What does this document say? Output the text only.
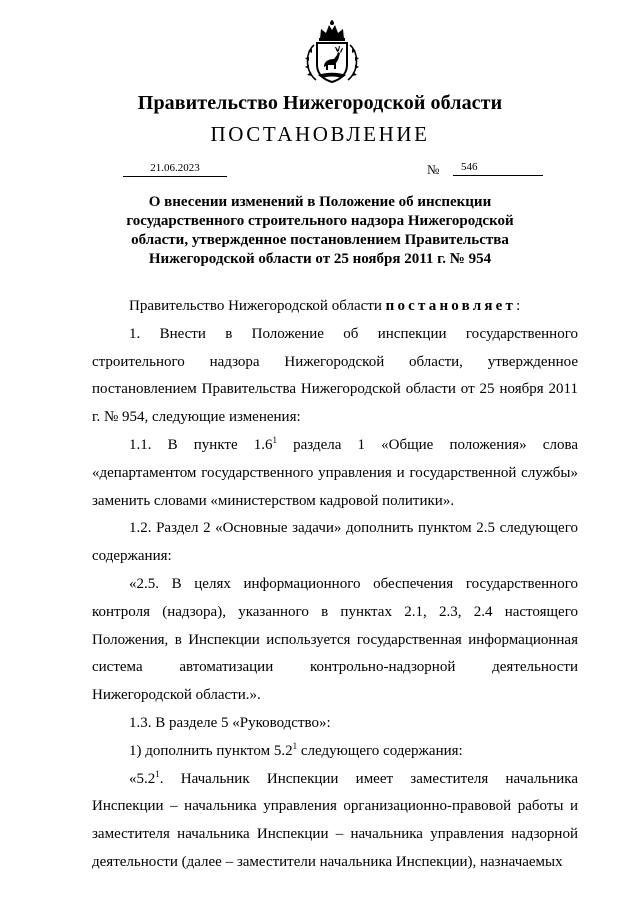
Правительство Нижегородской области
ПОСТАНОВЛЕНИЕ
21.06.2023	№	546
О внесении изменений в Положение об инспекции государственного строительного надзора Нижегородской области, утвержденное постановлением Правительства Нижегородской области от 25 ноября 2011 г. № 954

Правительство Нижегородской области постановляет:

1. Внести в Положение об инспекции государственного строительного надзора Нижегородской области, утвержденное постановлением Правительства Нижегородской области от 25 ноября 2011 г. № 954, следующие изменения:

1.1. В пункте $1.6^1$ раздела 1 «Общие положения» слова «департаментом государственного управления и государственной службы» заменить словами «министерством кадровой политики».

1.2. Раздел 2 «Основные задачи» дополнить пунктом 2.5 следующего содержания:

«2.5. В целях информационного обеспечения государственного контроля (надзора), указанного в пунктах 2.1, 2.3, 2.4 настоящего Положения, в Инспекции используется государственная информационная система автоматизации контрольно-надзорной деятельности Нижегородской области.».

1.3. В разделе 5 «Руководство»:

1) дополнить пунктом $5.2^1$ следующего содержания:

«$5.2^1$. Начальник Инспекции имеет заместителя начальника Инспекции – начальника управления организационно-правовой работы и заместителя начальника Инспекции – начальника управления надзорной деятельности (далее – заместители начальника Инспекции), назначаемых
